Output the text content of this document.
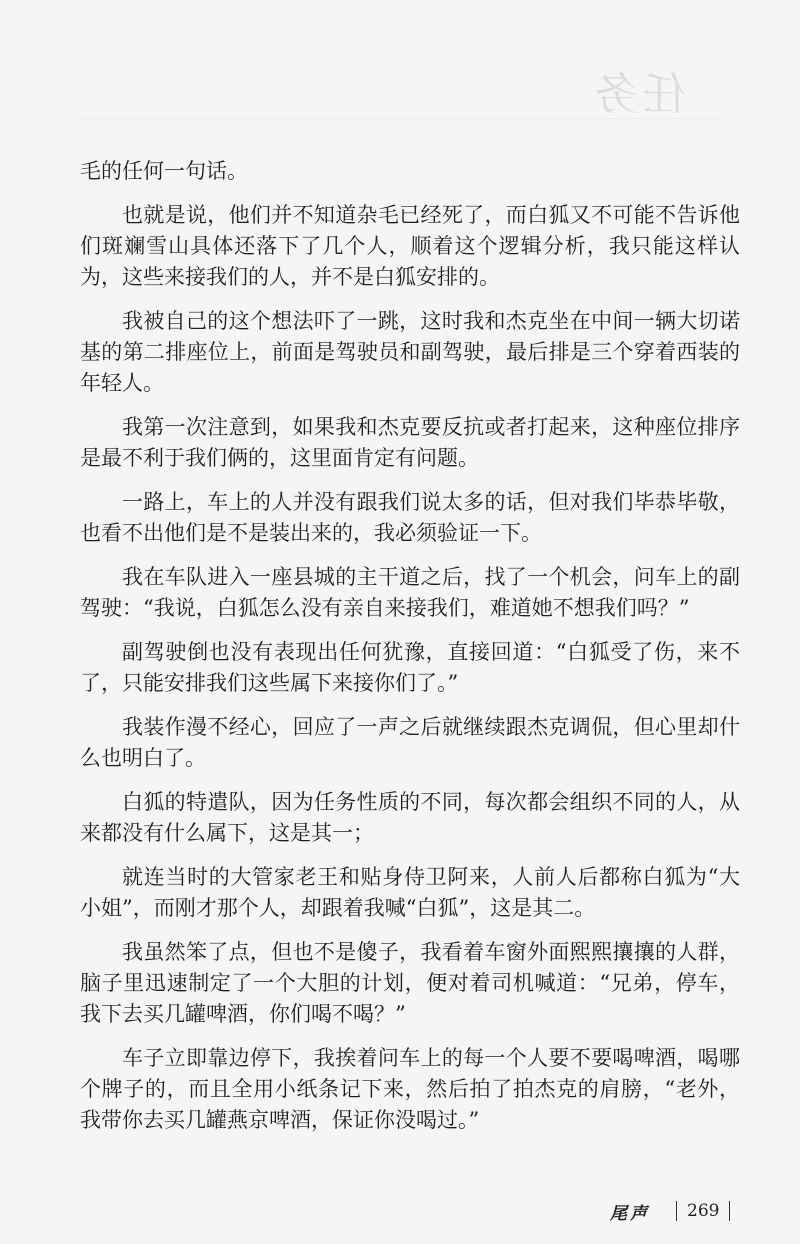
任务

毛的任何一句话。

也就是说，他们并不知道杂毛已经死了，而白狐又不可能不告诉他们斑斓雪山具体还落下了几个人，顺着这个逻辑分析，我只能这样认为，这些来接我们的人，并不是白狐安排的。

我被自己的这个想法吓了一跳，这时我和杰克坐在中间一辆大切诺基的第二排座位上，前面是驾驶员和副驾驶，最后排是三个穿着西装的年轻人。

我第一次注意到，如果我和杰克要反抗或者打起来，这种座位排序是最不利于我们俩的，这里面肯定有问题。

一路上，车上的人并没有跟我们说太多的话，但对我们毕恭毕敬，也看不出他们是不是装出来的，我必须验证一下。

我在车队进入一座县城的主干道之后，找了一个机会，问车上的副驾驶：“我说，白狐怎么没有亲自来接我们，难道她不想我们吗？”

副驾驶倒也没有表现出任何犹豫，直接回道：“白狐受了伤，来不了，只能安排我们这些属下来接你们了。”

我装作漫不经心，回应了一声之后就继续跟杰克调侃，但心里却什么也明白了。

白狐的特遣队，因为任务性质的不同，每次都会组织不同的人，从来都没有什么属下，这是其一；

就连当时的大管家老王和贴身侍卫阿来，人前人后都称白狐为“大小姐”，而刚才那个人，却跟着我喊“白狐”，这是其二。

我虽然笨了点，但也不是傻子，我看着车窗外面熙熙攘攘的人群，脑子里迅速制定了一个大胆的计划，便对着司机喊道：“兄弟，停车，我下去买几罐啤酒，你们喝不喝？”

车子立即靠边停下，我挨着问车上的每一个人要不要喝啤酒，喝哪个牌子的，而且全用小纸条记下来，然后拍了拍杰克的肩膀，“老外，我带你去买几罐燕京啤酒，保证你没喝过。”

尾声 269
